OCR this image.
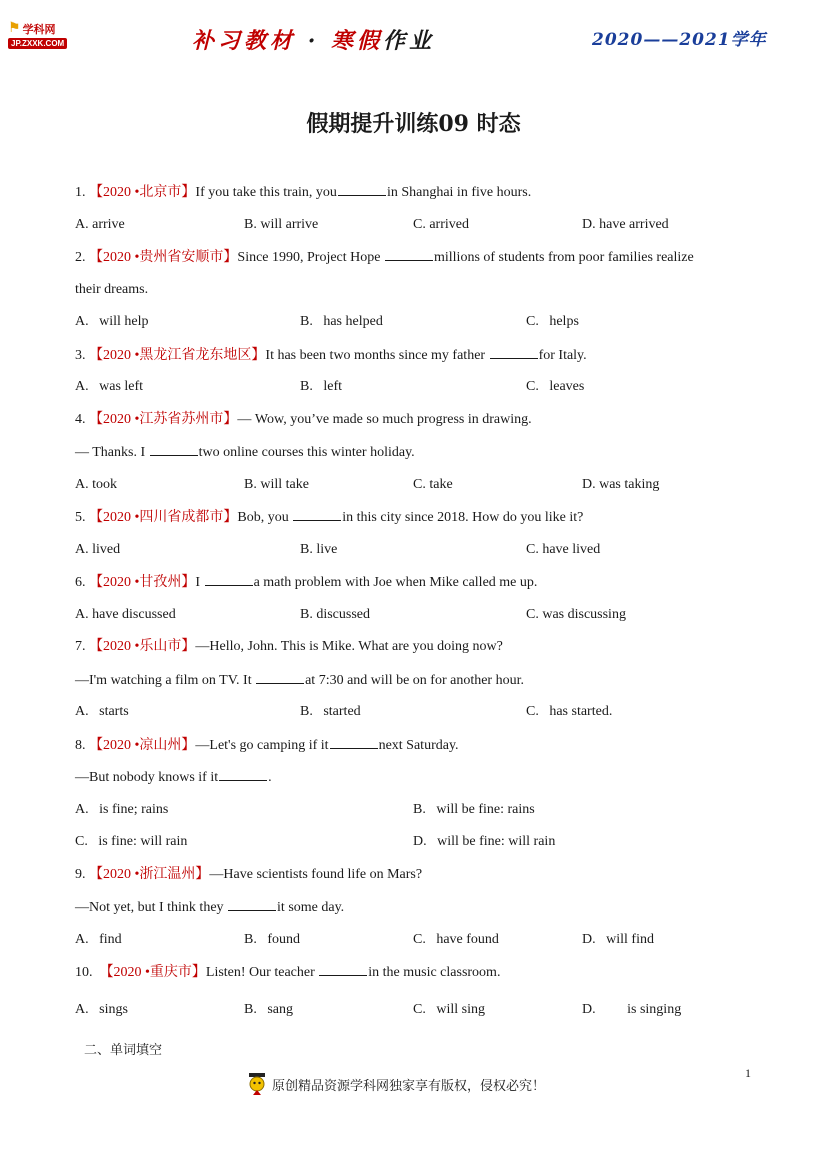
⚑ 学科网
JP.ZXXK.COM	补习教材 · 寒假作业	2020——2021学年
假期提升训练09 时态
1. 【2020 •北京市】If you take this train, you	in Shanghai in five hours.
A. arrive	B. will arrive	C. arrived	D. have arrived
2. 【2020 •贵州省安顺市】Since 1990, Project Hope	millions of students from poor families realize
their dreams.
A. will help	B. has helped	C. helps
3. 【2020 •黑龙江省龙东地区】It has been two months since my father	for Italy.
A. was left	B. left	C. leaves
4. 【2020 •江苏省苏州市】— Wow, you’ve made so much progress in drawing.
— Thanks. I	two online courses this winter holiday.
A. took	B. will take	C. take	D. was taking
5. 【2020 •四川省成都市】Bob, you	in this city since 2018. How do you like it?
A. lived	B. live	C. have lived
6. 【2020 •甘孜州】I	a math problem with Joe when Mike called me up.
A. have discussed	B. discussed	C. was discussing
7. 【2020 •乐山市】—Hello, John. This is Mike. What are you doing now?
—I'm watching a film on TV. It	at 7:30 and will be on for another hour.
A. starts	B. started	C. has started.
8. 【2020 •凉山州】—Let's go camping if it	next Saturday.
—But nobody knows if it	.
A. is fine; rains	B. will be fine: rains
C. is fine: will rain	D. will be fine: will rain
9. 【2020 •浙江温州】—Have scientists found life on Mars?
—Not yet, but I think they	it some day.
A. find	B. found	C. have found	D. will find
10. 【2020 •重庆市】Listen! Our teacher	in the music classroom.
A. sings	B. sang	C. will sing	D. is singing
二、单词填空
原创精品资源学科网独家享有版权，侵权必究！
1
